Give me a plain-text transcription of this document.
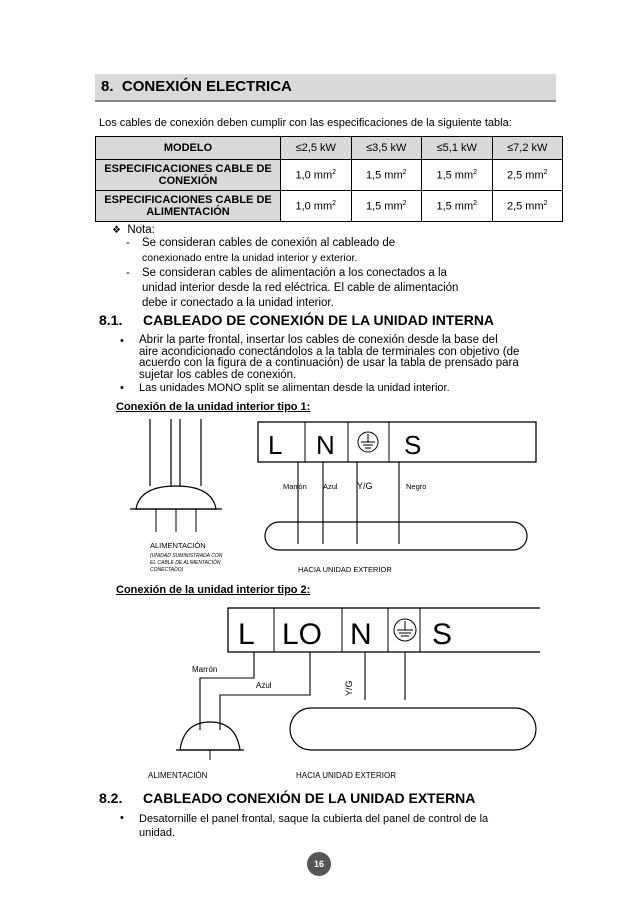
8. CONEXIÓN ELECTRICA
Los cables de conexión deben cumplir con las especificaciones de la siguiente tabla:
MODELO	≤2,5 kW	≤3,5 kW	≤5,1 kW	≤7,2 kW
ESPECIFICACIONES CABLE DE
CONEXIÓN	1,0 $mm^2$	1,5 $mm^2$	1,5 $mm^2$	2,5 $mm^2$
ESPECIFICACIONES CABLE DE
ALIMENTACIÓN	1,0 $mm^2$	1,5 $mm^2$	1,5 $mm^2$	2,5 $mm^2$
❖ Nota:
- Se consideran cables de conexión al cableado de
conexionado entre la unidad interior y exterior.
- Se consideran cables de alimentación a los conectados a la
unidad interior desde la red eléctrica. El cable de alimentación
debe ir conectado a la unidad interior.
8.1. CABLEADO DE CONEXIÓN DE LA UNIDAD INTERNA
• Abrir la parte frontal, insertar los cables de conexión desde la base del
aire acondicionado conectándolos a la tabla de terminales con objetivo (de
acuerdo con la figura de a continuación) de usar la tabla de prensado para
sujetar los cables de conexión.
• Las unidades MONO split se alimentan desde la unidad interior.
Conexión de la unidad interior tipo 1:
ALIMENTACIÓN
(UNIDAD SUMINISTRADA CON
EL CABLE DE ALIMENTACIÓN
CONECTADO)
L N	S
Marrón Azul Y/G	Negro
HACIA UNIDAD EXTERIOR
Conexión de la unidad interior tipo 2:
L LO N S
Marrón
Azul	Y/G
ALIMENTACIÓN	HACIA UNIDAD EXTERIOR
8.2. CABLEADO CONEXIÓN DE LA UNIDAD EXTERNA
• Desatornille el panel frontal, saque la cubierta del panel de control de la
unidad.
16
